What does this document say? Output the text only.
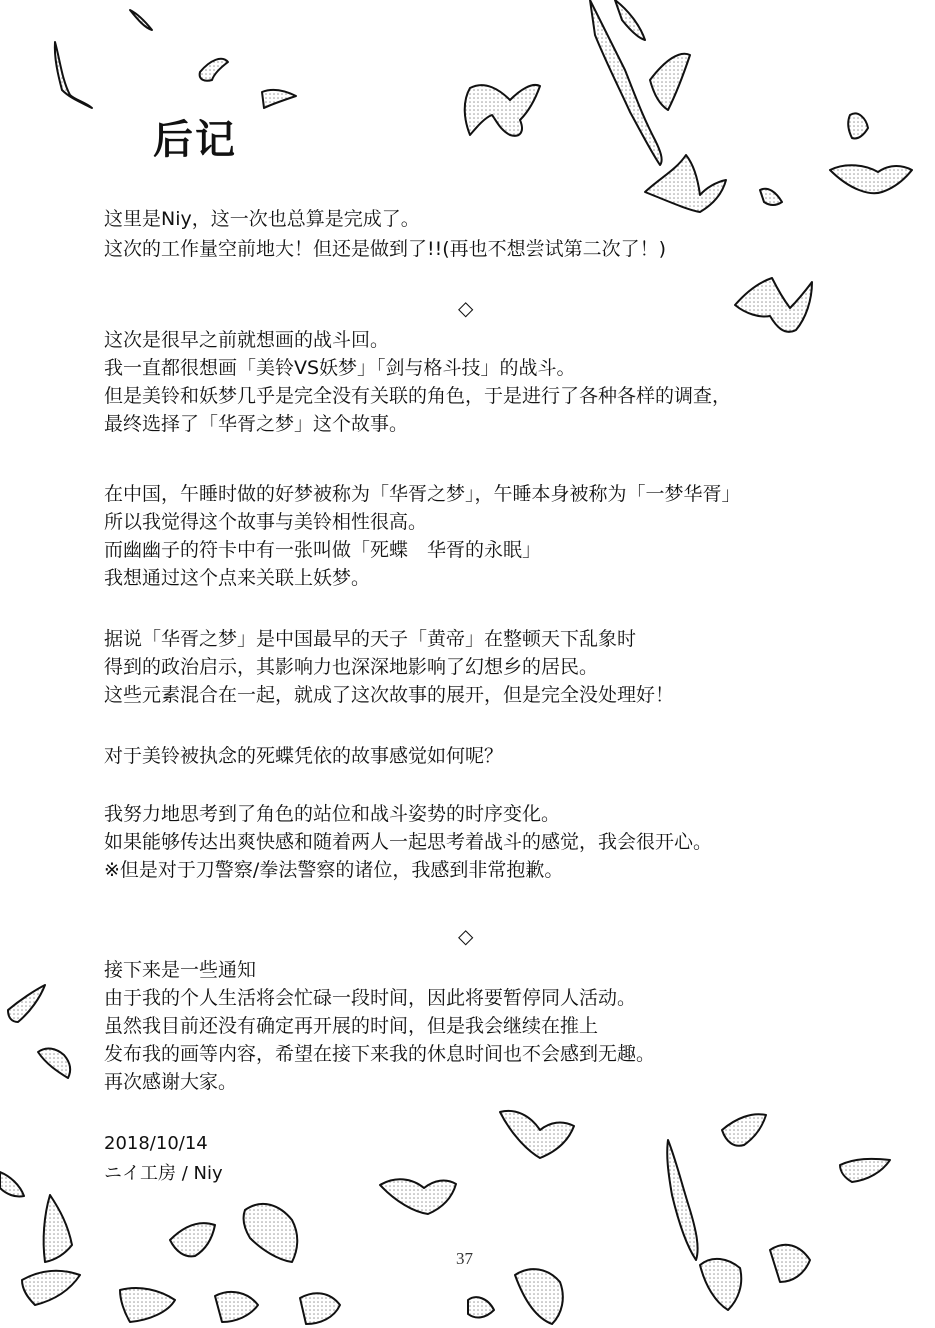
后记
这里是Niy，这一次也总算是完成了。
这次的工作量空前地大！但还是做到了!!(再也不想尝试第二次了！)
◇
这次是很早之前就想画的战斗回。
我一直都很想画「美铃VS妖梦」「剑与格斗技」的战斗。
但是美铃和妖梦几乎是完全没有关联的角色，于是进行了各种各样的调查，
最终选择了「华胥之梦」这个故事。
在中国，午睡时做的好梦被称为「华胥之梦」，午睡本身被称为「一梦华胥」
所以我觉得这个故事与美铃相性很高。
而幽幽子的符卡中有一张叫做「死蝶　华胥的永眠」
我想通过这个点来关联上妖梦。
据说「华胥之梦」是中国最早的天子「黄帝」在整顿天下乱象时
得到的政治启示，其影响力也深深地影响了幻想乡的居民。
这些元素混合在一起，就成了这次故事的展开，但是完全没处理好！
对于美铃被执念的死蝶凭依的故事感觉如何呢？
我努力地思考到了角色的站位和战斗姿势的时序变化。
如果能够传达出爽快感和随着两人一起思考着战斗的感觉，我会很开心。
※但是对于刀警察/拳法警察的诸位，我感到非常抱歉。
◇
接下来是一些通知
由于我的个人生活将会忙碌一段时间，因此将要暂停同人活动。
虽然我目前还没有确定再开展的时间，但是我会继续在推上
发布我的画等内容，希望在接下来我的休息时间也不会感到无趣。
再次感谢大家。
2018/10/14
ニイ工房 / Niy
37
